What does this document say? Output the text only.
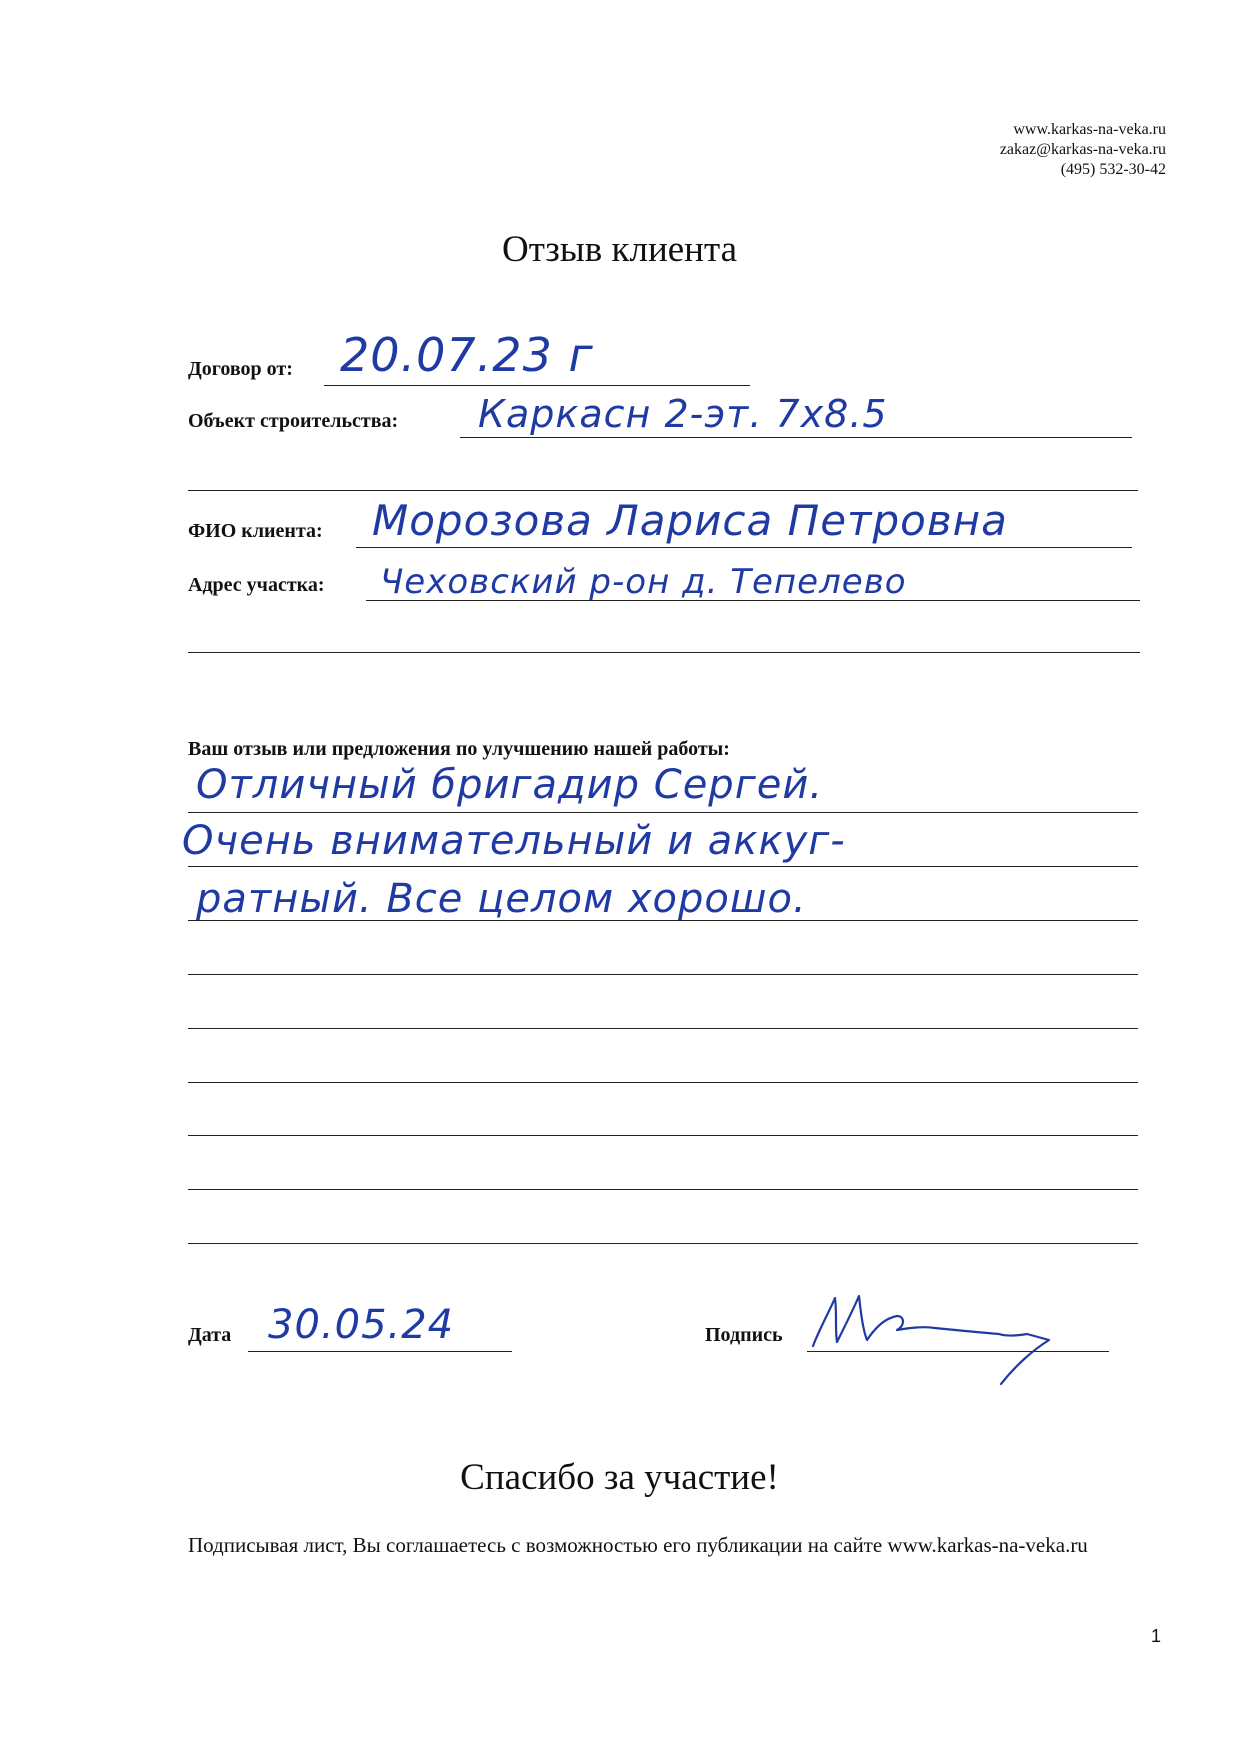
www.karkas-na-veka.ru
zakaz@karkas-na-veka.ru
(495) 532-30-42
Отзыв клиента
Договор от: 20.07.23 г
Объект строительства: Каркасн 2-эт. 7x8.5
ФИО клиента: Морозова Лариса Петровна
Адрес участка: Чеховский р-он д. Тепелево
Ваш отзыв или предложения по улучшению нашей работы:
Отличный бригадир Сергей.
Очень внимательный и аккуг-
ратный. Все целом хорошо.
Дата 30.05.24	Подпись
Спасибо за участие!
Подписывая лист, Вы соглашаетесь с возможностью его публикации на сайте www.karkas-na-veka.ru
1
